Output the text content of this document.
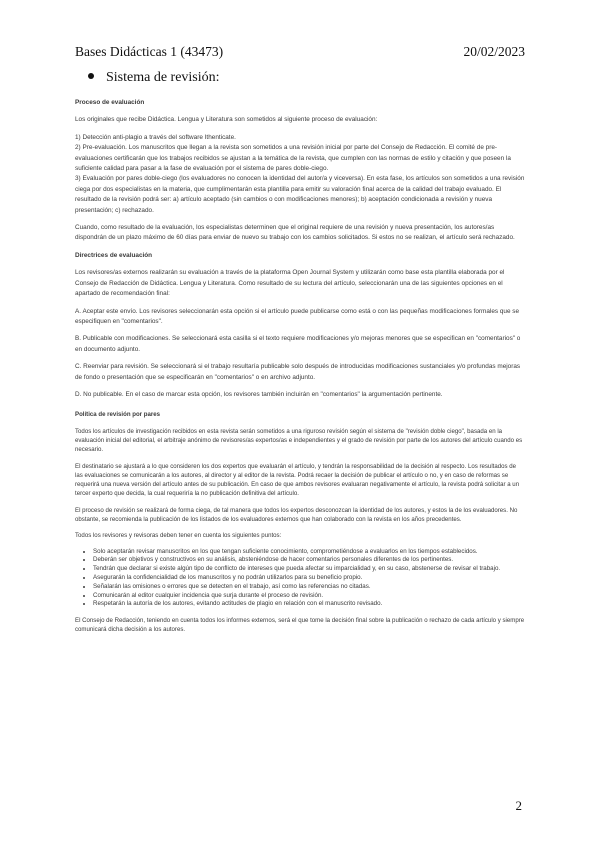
Bases Didácticas 1 (43473)	20/02/2023
Sistema de revisión:

Proceso de evaluación

Los originales que recibe Didáctica. Lengua y Literatura son sometidos al siguiente proceso de evaluación:

1) Detección anti-plagio a través del software Ithenticate.

2) Pre-evaluación. Los manuscritos que llegan a la revista son sometidos a una revisión inicial por parte del Consejo de Redacción. El comité de pre-evaluaciones certificarán que los trabajos recibidos se ajustan a la temática de la revista, que cumplen con las normas de estilo y citación y que poseen la suficiente calidad para pasar a la fase de evaluación por el sistema de pares doble-ciego.

3) Evaluación por pares doble-ciego (los evaluadores no conocen la identidad del autor/a y viceversa). En esta fase, los artículos son sometidos a una revisión ciega por dos especialistas en la materia, que cumplimentarán esta plantilla para emitir su valoración final acerca de la calidad del trabajo evaluado. El resultado de la revisión podrá ser: a) artículo aceptado (sin cambios o con modificaciones menores); b) aceptación condicionada a revisión y nueva presentación; c) rechazado.

Cuando, como resultado de la evaluación, los especialistas determinen que el original requiere de una revisión y nueva presentación, los autores/as dispondrán de un plazo máximo de 60 días para enviar de nuevo su trabajo con los cambios solicitados. Si estos no se realizan, el artículo será rechazado.

Directrices de evaluación

Los revisores/as externos realizarán su evaluación a través de la plataforma Open Journal System y utilizarán como base esta plantilla elaborada por el Consejo de Redacción de Didáctica. Lengua y Literatura. Como resultado de su lectura del artículo, seleccionarán una de las siguientes opciones en el apartado de recomendación final:

A. Aceptar este envío. Los revisores seleccionarán esta opción si el artículo puede publicarse como está o con las pequeñas modificaciones formales que se especifiquen en "comentarios".

B. Publicable con modificaciones. Se seleccionará esta casilla si el texto requiere modificaciones y/o mejoras menores que se especifican en "comentarios" o en documento adjunto.

C. Reenviar para revisión. Se seleccionará si el trabajo resultaría publicable solo después de introducidas modificaciones sustanciales y/o profundas mejoras de fondo o presentación que se especificarán en "comentarios" o en archivo adjunto.

D. No publicable. En el caso de marcar esta opción, los revisores también incluirán en "comentarios" la argumentación pertinente.

Política de revisión por pares

Todos los artículos de investigación recibidos en esta revista serán sometidos a una riguroso revisión según el sistema de "revisión doble ciego", basada en la evaluación inicial del editorial, el arbitraje anónimo de revisores/as expertos/as e independientes y el grado de revisión por parte de los autores del artículo cuando es necesario.

El destinatario se ajustará a lo que consideren los dos expertos que evaluarán el artículo, y tendrán la responsabilidad de la decisión al respecto. Los resultados de las evaluaciones se comunicarán a los autores, al director y al editor de la revista. Podrá recaer la decisión de publicar el artículo o no, y en caso de reformas se requerirá una nueva versión del artículo antes de su publicación. En caso de que ambos revisores evaluaran negativamente el artículo, la revista podrá solicitar a un tercer experto que decida, la cual requeriría la no publicación definitiva del artículo.

El proceso de revisión se realizará de forma ciega, de tal manera que todos los expertos desconozcan la identidad de los autores, y estos la de los evaluadores. No obstante, se recomienda la publicación de los listados de los evaluadores externos que han colaborado con la revista en los años precedentes.

Todos los revisores y revisoras deben tener en cuenta los siguientes puntos:

• Solo aceptarán revisar manuscritos en los que tengan suficiente conocimiento, comprometiéndose a evaluarlos en los tiempos establecidos.
• Deberán ser objetivos y constructivos en su análisis, absteniéndose de hacer comentarios personales diferentes de los pertinentes.
• Tendrán que declarar si existe algún tipo de conflicto de intereses que pueda afectar su imparcialidad y, en su caso, abstenerse de revisar el trabajo.
• Asegurarán la confidencialidad de los manuscritos y no podrán utilizarlos para su beneficio propio.
• Señalarán las omisiones o errores que se detecten en el trabajo, así como las referencias no citadas.
• Comunicarán al editor cualquier incidencia que surja durante el proceso de revisión.
• Respetarán la autoría de los autores, evitando actitudes de plagio en relación con el manuscrito revisado.

El Consejo de Redacción, teniendo en cuenta todos los informes externos, será el que tome la decisión final sobre la publicación o rechazo de cada artículo y siempre comunicará dicha decisión a los autores.

2
